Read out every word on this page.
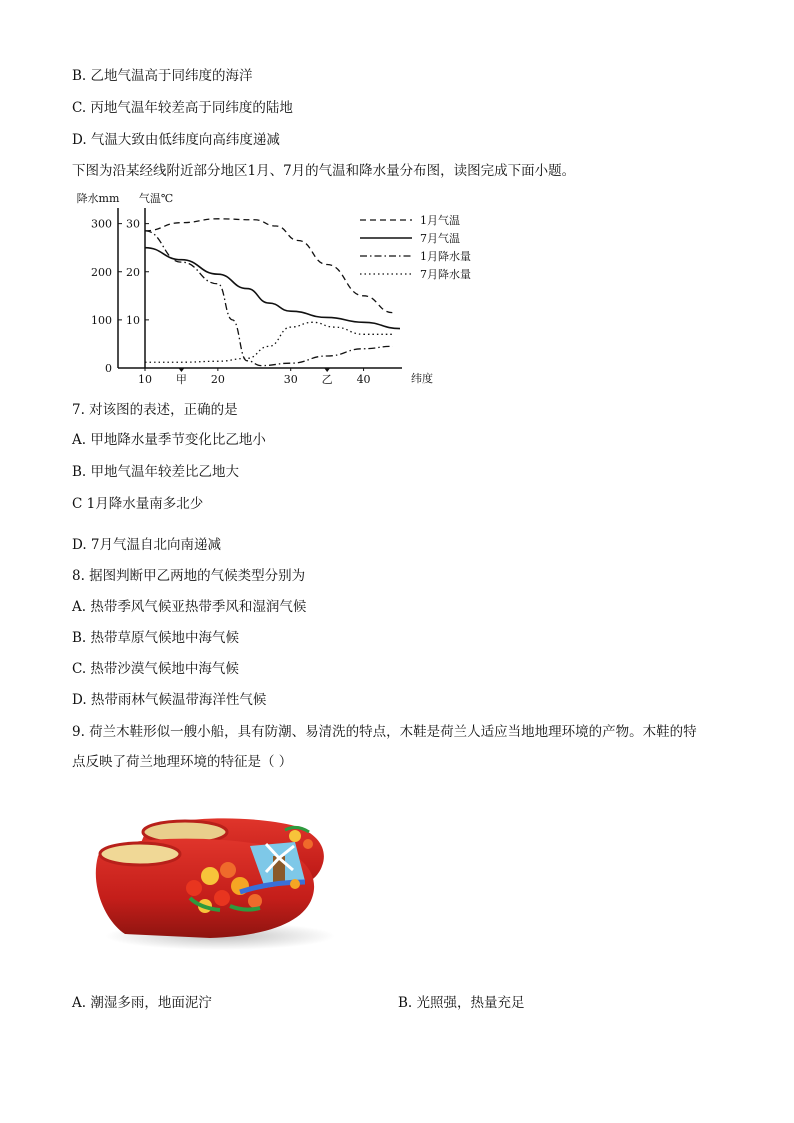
B. 乙地气温高于同纬度的海洋
C. 丙地气温年较差高于同纬度的陆地
D. 气温大致由低纬度向高纬度递减
下图为沿某经线附近部分地区1月、7月的气温和降水量分布图，读图完成下面小题。
降水mm 气温℃
纬度
0
100
200
300
10
20
30
10	20	30	40
甲	乙
1月气温
7月气温
1月降水量
7月降水量
7. 对该图的表述，正确的是
A. 甲地降水量季节变化比乙地小
B. 甲地气温年较差比乙地大
C 1月降水量南多北少
D. 7月气温自北向南递减
8. 据图判断甲乙两地的气候类型分别为
A. 热带季风气候亚热带季风和湿润气候
B. 热带草原气候地中海气候
C. 热带沙漠气候地中海气候
D. 热带雨林气候温带海洋性气候
9. 荷兰木鞋形似一艘小船，具有防潮、易清洗的特点，木鞋是荷兰人适应当地地理环境的产物。木鞋的特
点反映了荷兰地理环境的特征是（ ）
A. 潮湿多雨，地面泥泞	B. 光照强，热量充足
